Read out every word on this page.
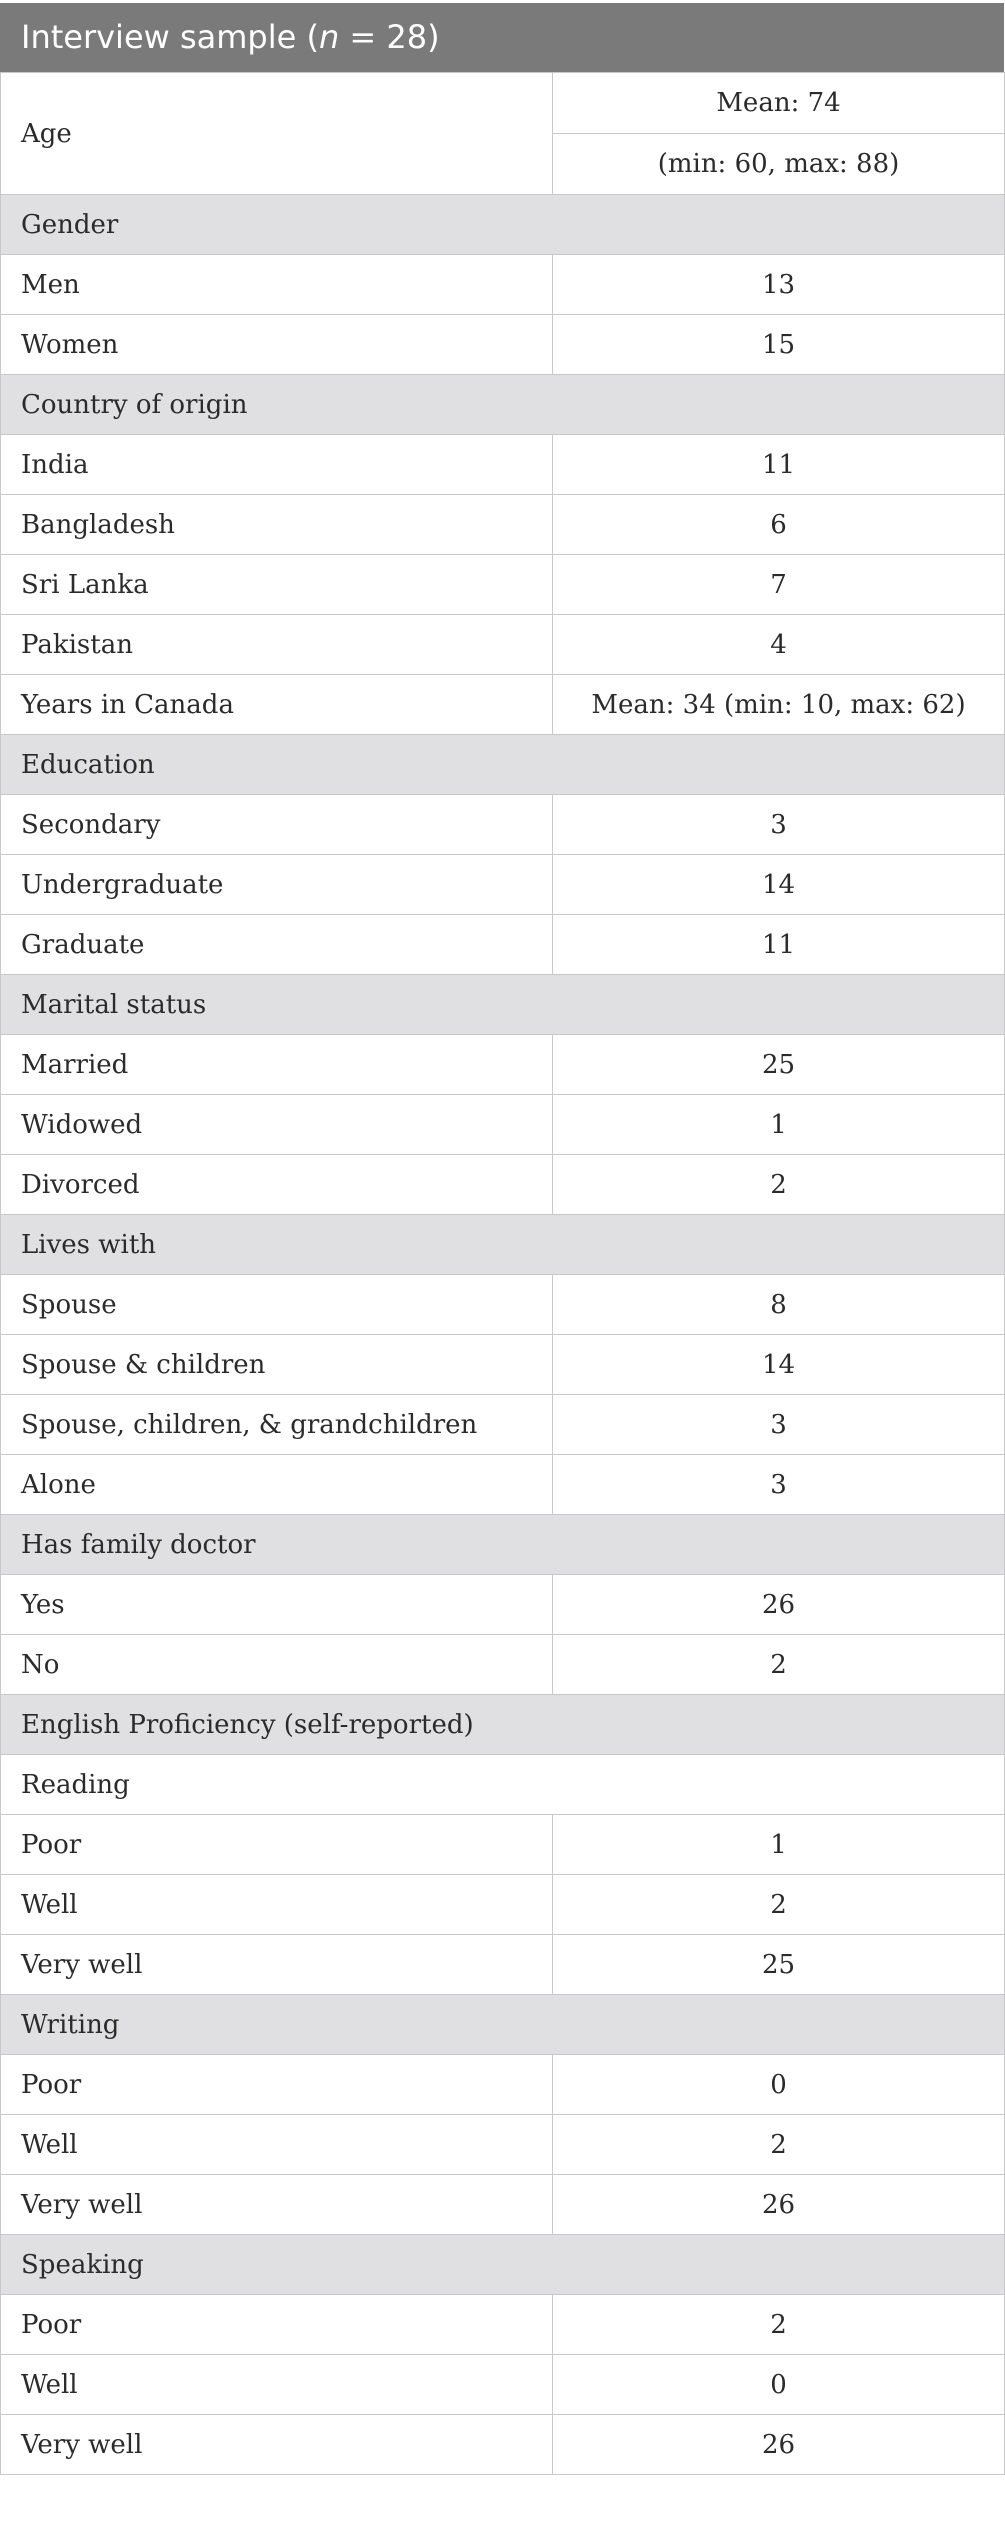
Interview sample (n = 28)
Age	Mean: 74
	(min: 60, max: 88)
Gender	
Men	13
Women	15
Country of origin	
India	11
Bangladesh	6
Sri Lanka	7
Pakistan	4
Years in Canada	Mean: 34 (min: 10, max: 62)
Education	
Secondary	3
Undergraduate	14
Graduate	11
Marital status	
Married	25
Widowed	1
Divorced	2
Lives with	
Spouse	8
Spouse & children	14
Spouse, children, & grandchildren	3
Alone	3
Has family doctor	
Yes	26
No	2
English Proficiency (self-reported)	
Reading	
Poor	1
Well	2
Very well	25
Writing	
Poor	0
Well	2
Very well	26
Speaking	
Poor	2
Well	0
Very well	26
